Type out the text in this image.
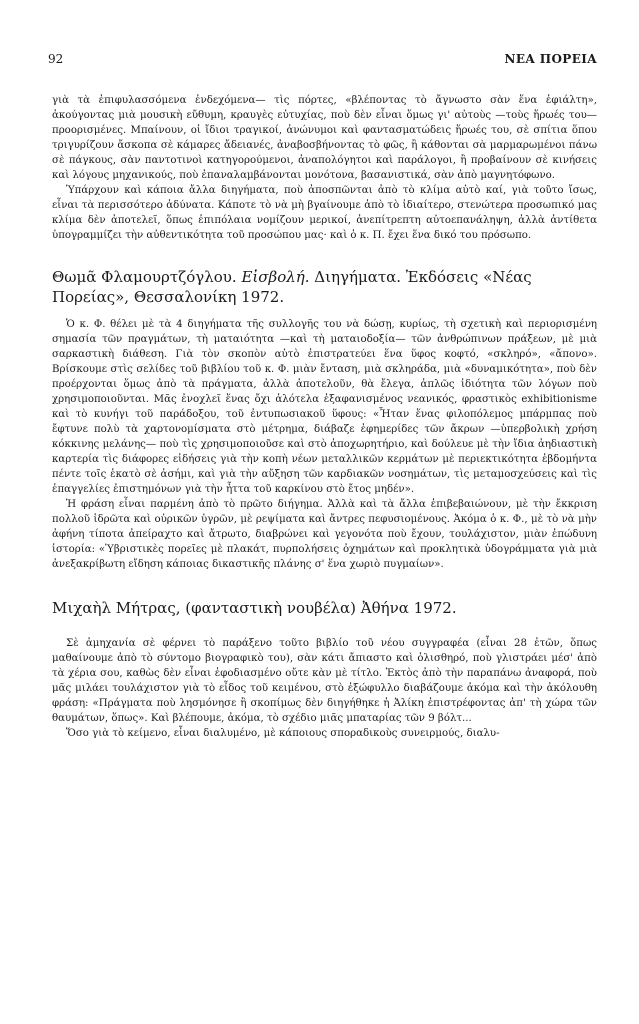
92	ΝΕΑ ΠΟΡΕΙΑ

γιὰ τὰ ἐπιφυλασσόμενα ἐνδεχόμενα— τὶς πόρτες, «βλέποντας τὸ ἄγνωστο σὰν ἕνα ἐφιάλτη», ἀκούγοντας μιὰ μουσικὴ εὔθυμη, κραυγὲς εὐτυχίας, ποὺ δὲν εἶναι ὅμως γι' αὐτοὺς —τοὺς ἥρωές του— προορισμένες. Μπαίνουν, οἱ ἴδιοι τραγικοί, ἀνώνυμοι καὶ φαντασματώδεις ἥρωές του, σὲ σπίτια ὅπου τριγυρίζουν ἄσκοπα σὲ κάμαρες ἄδειανές, ἀναβοσβήνοντας τὸ φῶς, ἢ κάθονται σὰ μαρμαρωμένοι πάνω σὲ πάγκους, σὰν παντοτινοὶ κατηγορούμενοι, ἀναπολόγητοι καὶ παράλογοι, ἢ προβαίνουν σὲ κινήσεις καὶ λόγους μηχανικούς, ποὺ ἐπαναλαμβάνονται μονότονα, βασανιστικά, σὰν ἀπὸ μαγνητόφωνο.

Ὑπάρχουν καὶ κάποια ἄλλα διηγήματα, ποὺ ἀποσπῶνται ἀπὸ τὸ κλίμα αὐτὸ καί, γιὰ τοῦτο ἴσως, εἶναι τὰ περισσότερο ἀδύνατα. Κάποτε τὸ νὰ μὴ βγαίνουμε ἀπὸ τὸ ἰδιαίτερο, στενώτερα προσωπικό μας κλίμα δὲν ἀποτελεῖ, ὅπως ἐπιπόλαια νομίζουν μερικοί, ἀνεπίτρεπτη αὐτοεπανάληψη, ἀλλὰ ἀντίθετα ὑπογραμμίζει τὴν αὐθεντικότητα τοῦ προσώπου μας· καὶ ὁ κ. Π. ἔχει ἕνα δικό του πρόσωπο.

Θωμᾶ Φλαμουρτζόγλου. Εἰσβολή. Διηγήματα. Ἐκδόσεις «Νέας Πορείας», Θεσσαλονίκη 1972.

Ὁ κ. Φ. θέλει μὲ τὰ 4 διηγήματα τῆς συλλογῆς του νὰ δώσῃ, κυρίως, τὴ σχετικὴ καὶ περιορισμένη σημασία τῶν πραγμάτων, τὴ ματαιότητα —καὶ τὴ ματαιοδοξία— τῶν ἀνθρώπινων πράξεων, μὲ μιὰ σαρκαστικὴ διάθεση. Γιὰ τὸν σκοπὸν αὐτὸ ἐπιστρατεύει ἕνα ὕφος κοφτό, «σκληρό», «ἄπονο». Βρίσκουμε στὶς σελίδες τοῦ βιβλίου τοῦ κ. Φ. μιὰν ἔνταση, μιὰ σκληράδα, μιὰ «δυναμικότητα», ποὺ δὲν προέρχονται ὅμως ἀπὸ τὰ πράγματα, ἀλλὰ ἀποτελοῦν, θὰ ἔλεγα, ἁπλῶς ἰδιότητα τῶν λόγων ποὺ χρησιμοποιοῦνται. Μᾶς ἐνοχλεῖ ἕνας ὄχι ἀλότελα ἐξαφανισμένος νεανικός, φραστικὸς exhibitionisme καὶ τὸ κυνήγι τοῦ παράδοξου, τοῦ ἐντυπωσιακοῦ ὕφους: «Ἦταν ἕνας φιλοπόλεμος μπάρμπας ποὺ ἔφτυνε πολὺ τὰ χαρτονομίσματα στὸ μέτρημα, διάβαζε ἐφημερίδες τῶν ἄκρων —ὑπερβολικὴ χρήση κόκκινης μελάνης— ποὺ τὶς χρησιμοποιοῦσε καὶ στὸ ἀποχωρητήριο, καὶ δούλευε μὲ τὴν ἴδια ἀηδιαστικὴ καρτερία τὶς διάφορες εἰδήσεις γιὰ τὴν κοπὴ νέων μεταλλικῶν κερμάτων μὲ περιεκτικότητα ἑβδομήντα πέντε τοῖς ἑκατὸ σὲ ἀσήμι, καὶ γιὰ τὴν αὔξηση τῶν καρδιακῶν νοσημάτων, τὶς μεταμοσχεύσεις καὶ τὶς ἐπαγγελίες ἐπιστημόνων γιὰ τὴν ἧττα τοῦ καρκίνου στὸ ἔτος μηδέν».

Ἡ φράση εἶναι παρμένη ἀπὸ τὸ πρῶτο διήγημα. Ἀλλὰ καὶ τὰ ἄλλα ἐπιβεβαιώνουν, μὲ τὴν ἔκκριση πολλοῦ ἱδρῶτα καὶ οὐρικῶν ὑγρῶν, μὲ ρεψίματα καὶ ἄντρες πεφυσιομένους. Ἀκόμα ὁ κ. Φ., μὲ τὸ νὰ μὴν ἀφήνη τίποτα ἀπείραχτο καὶ ἄτρωτο, διαβρώνει καὶ γεγονότα ποὺ ἔχουν, τουλάχιστον, μιὰν ἐπώδυνη ἱστορία: «Ὑβριστικὲς πορεῖες μὲ πλακάτ, πυρπολήσεις ὀχημάτων καὶ προκλητικὰ ὑδογράμματα γιὰ μιὰ ἀνεξακρίβωτη εἴδηση κάποιας δικαστικῆς πλάνης σ' ἕνα χωριὸ πυγμαίων».

Μιχαὴλ Μήτρας, (φανταστικὴ νουβέλα) Ἀθήνα 1972.

Σὲ ἀμηχανία σὲ φέρνει τὸ παράξενο τοῦτο βιβλίο τοῦ νέου συγγραφέα (εἶναι 28 ἐτῶν, ὅπως μαθαίνουμε ἀπὸ τὸ σύντομο βιογραφικὸ του), σὰν κάτι ἄπιαστο καὶ ὀλισθηρό, ποὺ γλιστράει μέσ' ἀπὸ τὰ χέρια σου, καθὼς δὲν εἶναι ἐφοδιασμένο οὔτε κὰν μὲ τίτλο. Ἐκτὸς ἀπὸ τὴν παραπάνω ἀναφορά, ποὺ μᾶς μιλάει τουλάχιστον γιὰ τὸ εἶδος τοῦ κειμένου, στὸ ἐξώφυλλο διαβάζουμε ἀκόμα καὶ τὴν ἀκόλουθη φράση: «Πράγματα ποὺ λησμόνησε ἢ σκοπίμως δὲν διηγήθηκε ἡ Ἀλίκη ἐπιστρέφοντας ἀπ' τὴ χώρα τῶν θαυμάτων, ὅπως». Καὶ βλέπουμε, ἀκόμα, τὸ σχέδιο μιᾶς μπαταρίας τῶν 9 βόλτ...

Ὅσο γιὰ τὸ κείμενο, εἶναι διαλυμένο, μὲ κάποιους σποραδικοὺς συνειρμούς, διαλυ-
